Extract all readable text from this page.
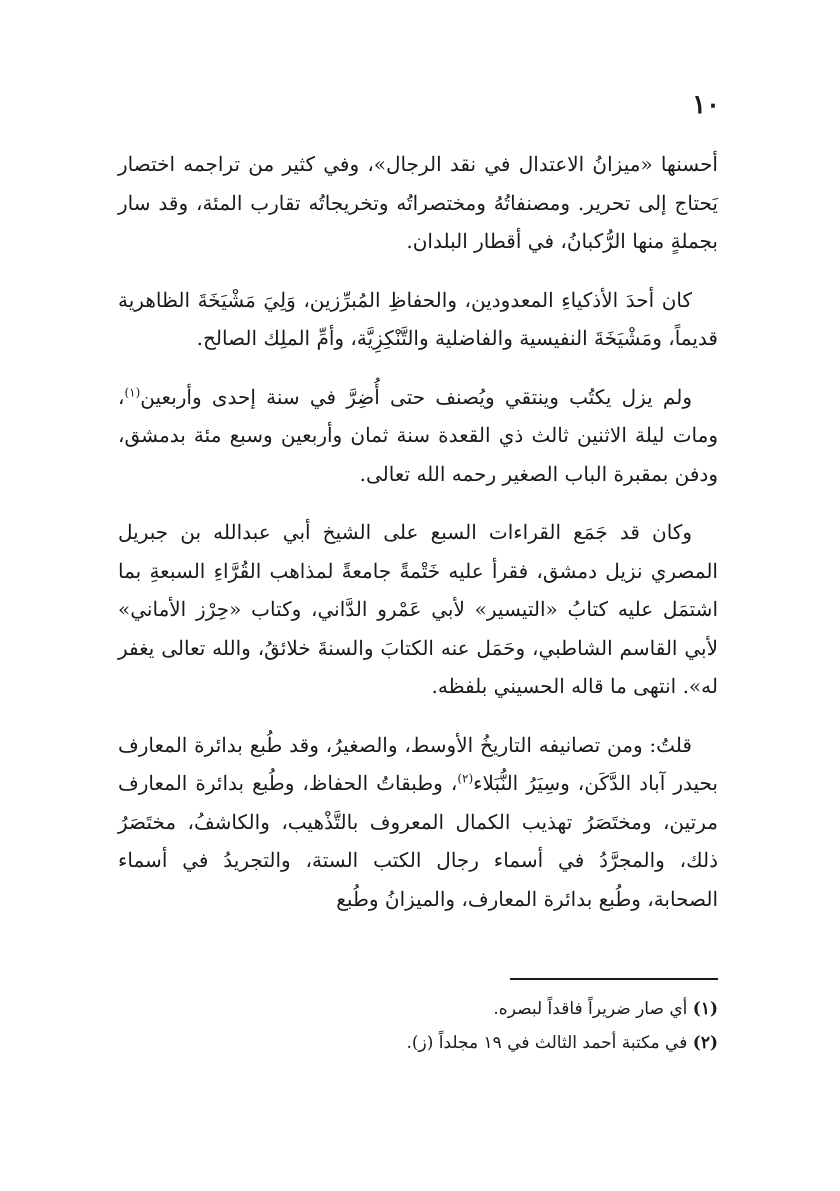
١٠

أحسنها «ميزانُ الاعتدال في نقد الرجال»، وفي كثير من تراجمه اختصار يَحتاج إلى تحرير. ومصنفاتُهُ ومختصراتُه وتخريجاتُه تقارب المئة، وقد سار بجملةٍ منها الرُّكبانُ، في أقطار البلدان.

كان أحدَ الأذكياءِ المعدودين، والحفاظِ المُبرِّزين، وَلِيَ مَشْيَخَةَ الظاهرية قديماً، ومَشْيَخَةَ النفيسية والفاضلية والتَّنْكِزِيَّة، وأمِّ الملِك الصالح.

ولم يزل يكتُب وينتقي ويُصنف حتى أُضِرَّ في سنة إحدى وأربعين$^{(١)}$، ومات ليلة الاثنين ثالث ذي القعدة سنة ثمان وأربعين وسبع مئة بدمشق، ودفن بمقبرة الباب الصغير رحمه الله تعالى.

وكان قد جَمَع القراءات السبع على الشيخ أبي عبدالله بن جبريل المصري نزيل دمشق، فقرأ عليه خَتْمةً جامعةً لمذاهب القُرَّاءِ السبعةِ بما اشتمَل عليه كتابُ «التيسير» لأبي عَمْرو الدَّاني، وكتاب «حِرْز الأماني» لأبي القاسم الشاطبي، وحَمَل عنه الكتابَ والسنةَ خلائقُ، والله تعالى يغفر له». انتهى ما قاله الحسيني بلفظه.

قلتُ: ومن تصانيفه التاريخُ الأوسط، والصغيرُ، وقد طُبع بدائرة المعارف بحيدر آباد الدَّكَن، وسِيَرُ النُّبَلاء$^{(٢)}$، وطبقاتُ الحفاظ، وطُبع بدائرة المعارف مرتين، ومختَصَرُ تهذيب الكمال المعروف بالتَّذْهيب، والكاشفُ، مختَصَرُ ذلك، والمجرَّدُ في أسماء رجال الكتب الستة، والتجريدُ في أسماء الصحابة، وطُبع بدائرة المعارف، والميزانُ وطُبع

(١) أي صار ضريراً فاقداً لبصره.

(٢) في مكتبة أحمد الثالث في ١٩ مجلداً (ز).
